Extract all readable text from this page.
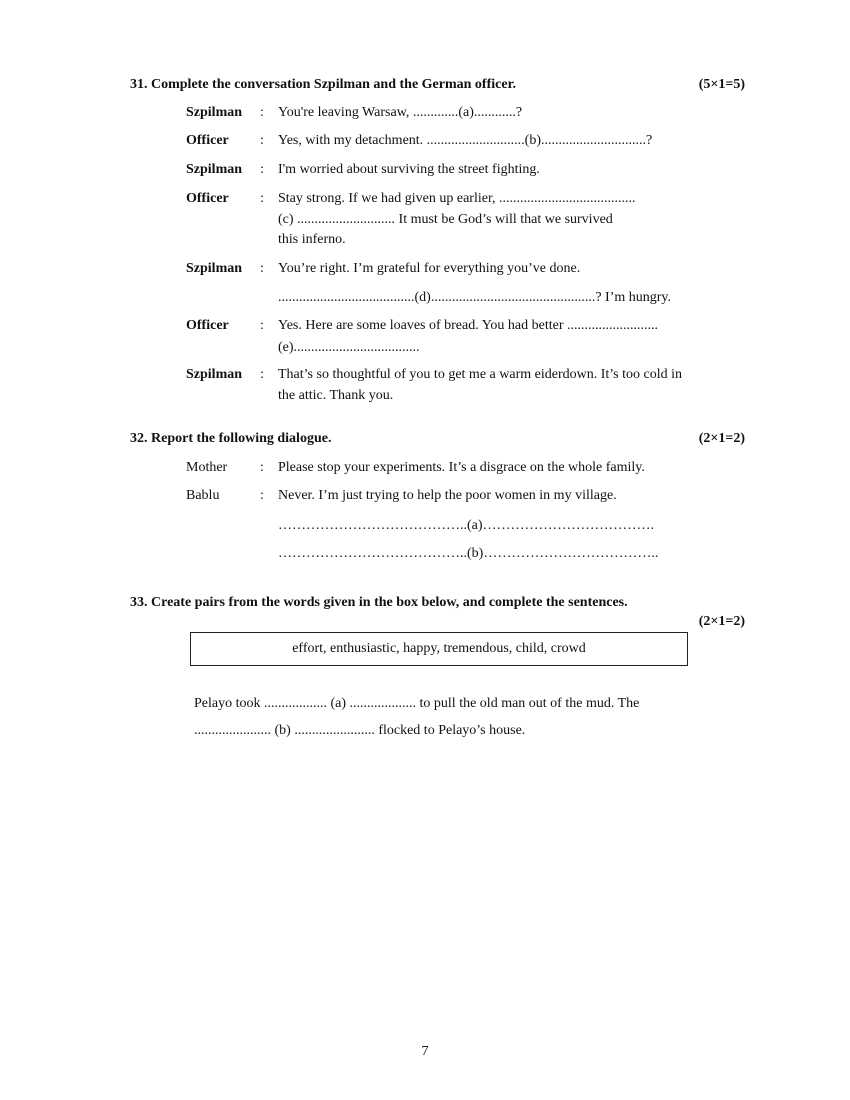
31. Complete the conversation Szpilman and the German officer.	(5×1=5)
Szpilman	: You're leaving Warsaw, .............(a)............?
Officer	: Yes, with my detachment. ............................(b)..............................?
Szpilman	: I'm worried about surviving the street fighting.
Officer	: Stay strong. If we had given up earlier, .......................................
(c) ............................ It must be God’s will that we survived
this inferno.
Szpilman	: You’re right. I’m grateful for everything you’ve done.
.......................................(d)...............................................? I’m hungry.
Officer	: Yes. Here are some loaves of bread. You had better ..........................
(e)....................................
Szpilman	: That’s so thoughtful of you to get me a warm eiderdown. It’s too cold in
the attic. Thank you.
32. Report the following dialogue.	(2×1=2)
Mother	: Please stop your experiments. It’s a disgrace on the whole family.
Bablu	: Never. I’m just trying to help the poor women in my village.
…………………………………..(a)……………………………….
…………………………………..(b)………………………………..
33. Create pairs from the words given in the box below, and complete the sentences.
(2×1=2)
effort, enthusiastic, happy, tremendous, child, crowd
Pelayo took .................. (a) ................... to pull the old man out of the mud. The
...................... (b) ....................... flocked to Pelayo’s house.
7
